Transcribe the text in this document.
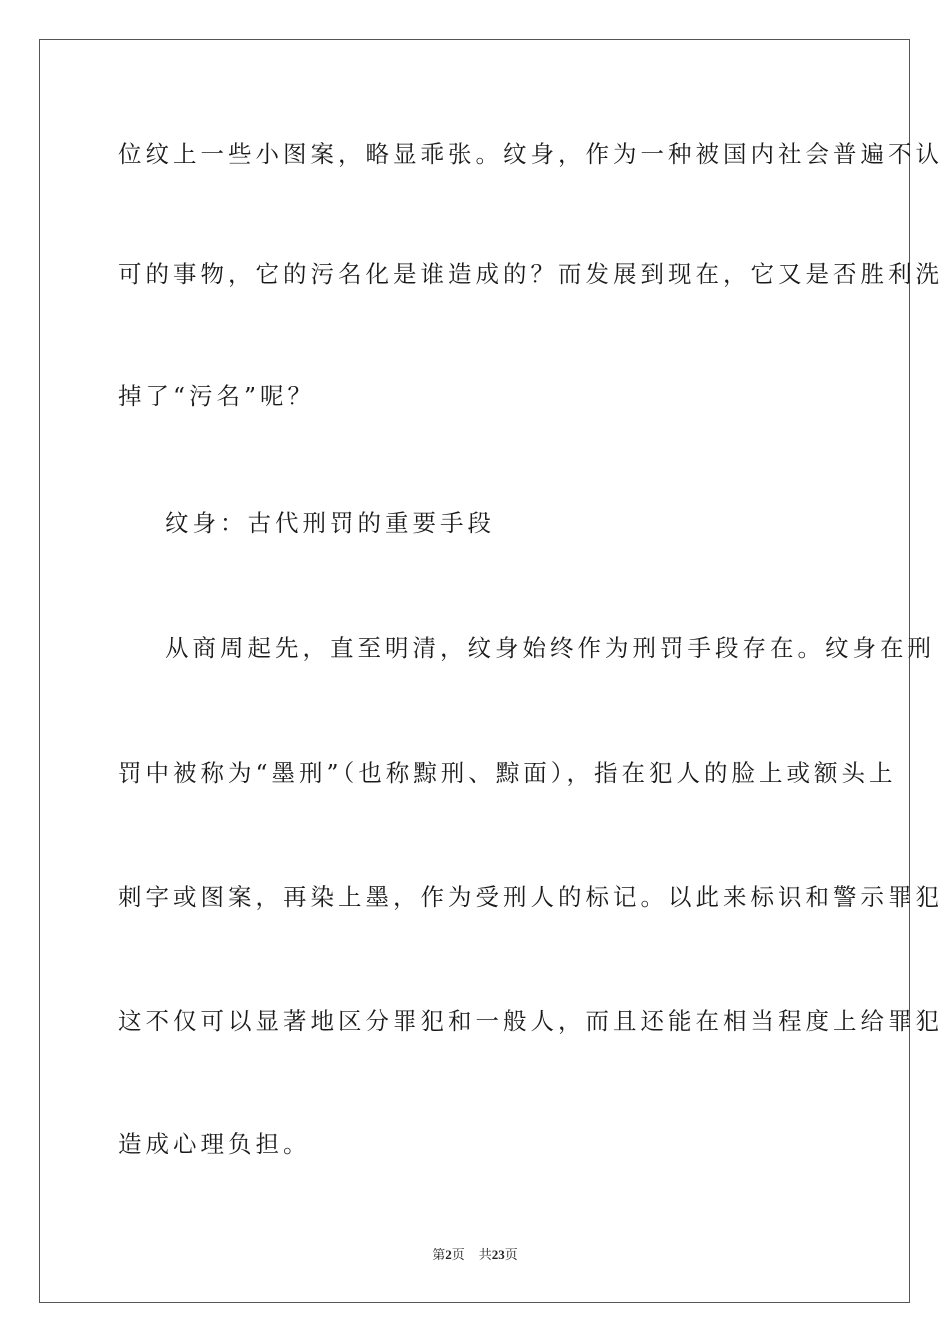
位纹上一些小图案，略显乖张。纹身，作为一种被国内社会普遍不认
可的事物，它的污名化是谁造成的？而发展到现在，它又是否胜利洗
掉了“污名”呢？
纹身：古代刑罚的重要手段
从商周起先，直至明清，纹身始终作为刑罚手段存在。纹身在刑
罚中被称为“墨刑”（也称黥刑、黥面），指在犯人的脸上或额头上
刺字或图案，再染上墨，作为受刑人的标记。以此来标识和警示罪犯
这不仅可以显著地区分罪犯和一般人，而且还能在相当程度上给罪犯
造成心理负担。
第2页 共23页
